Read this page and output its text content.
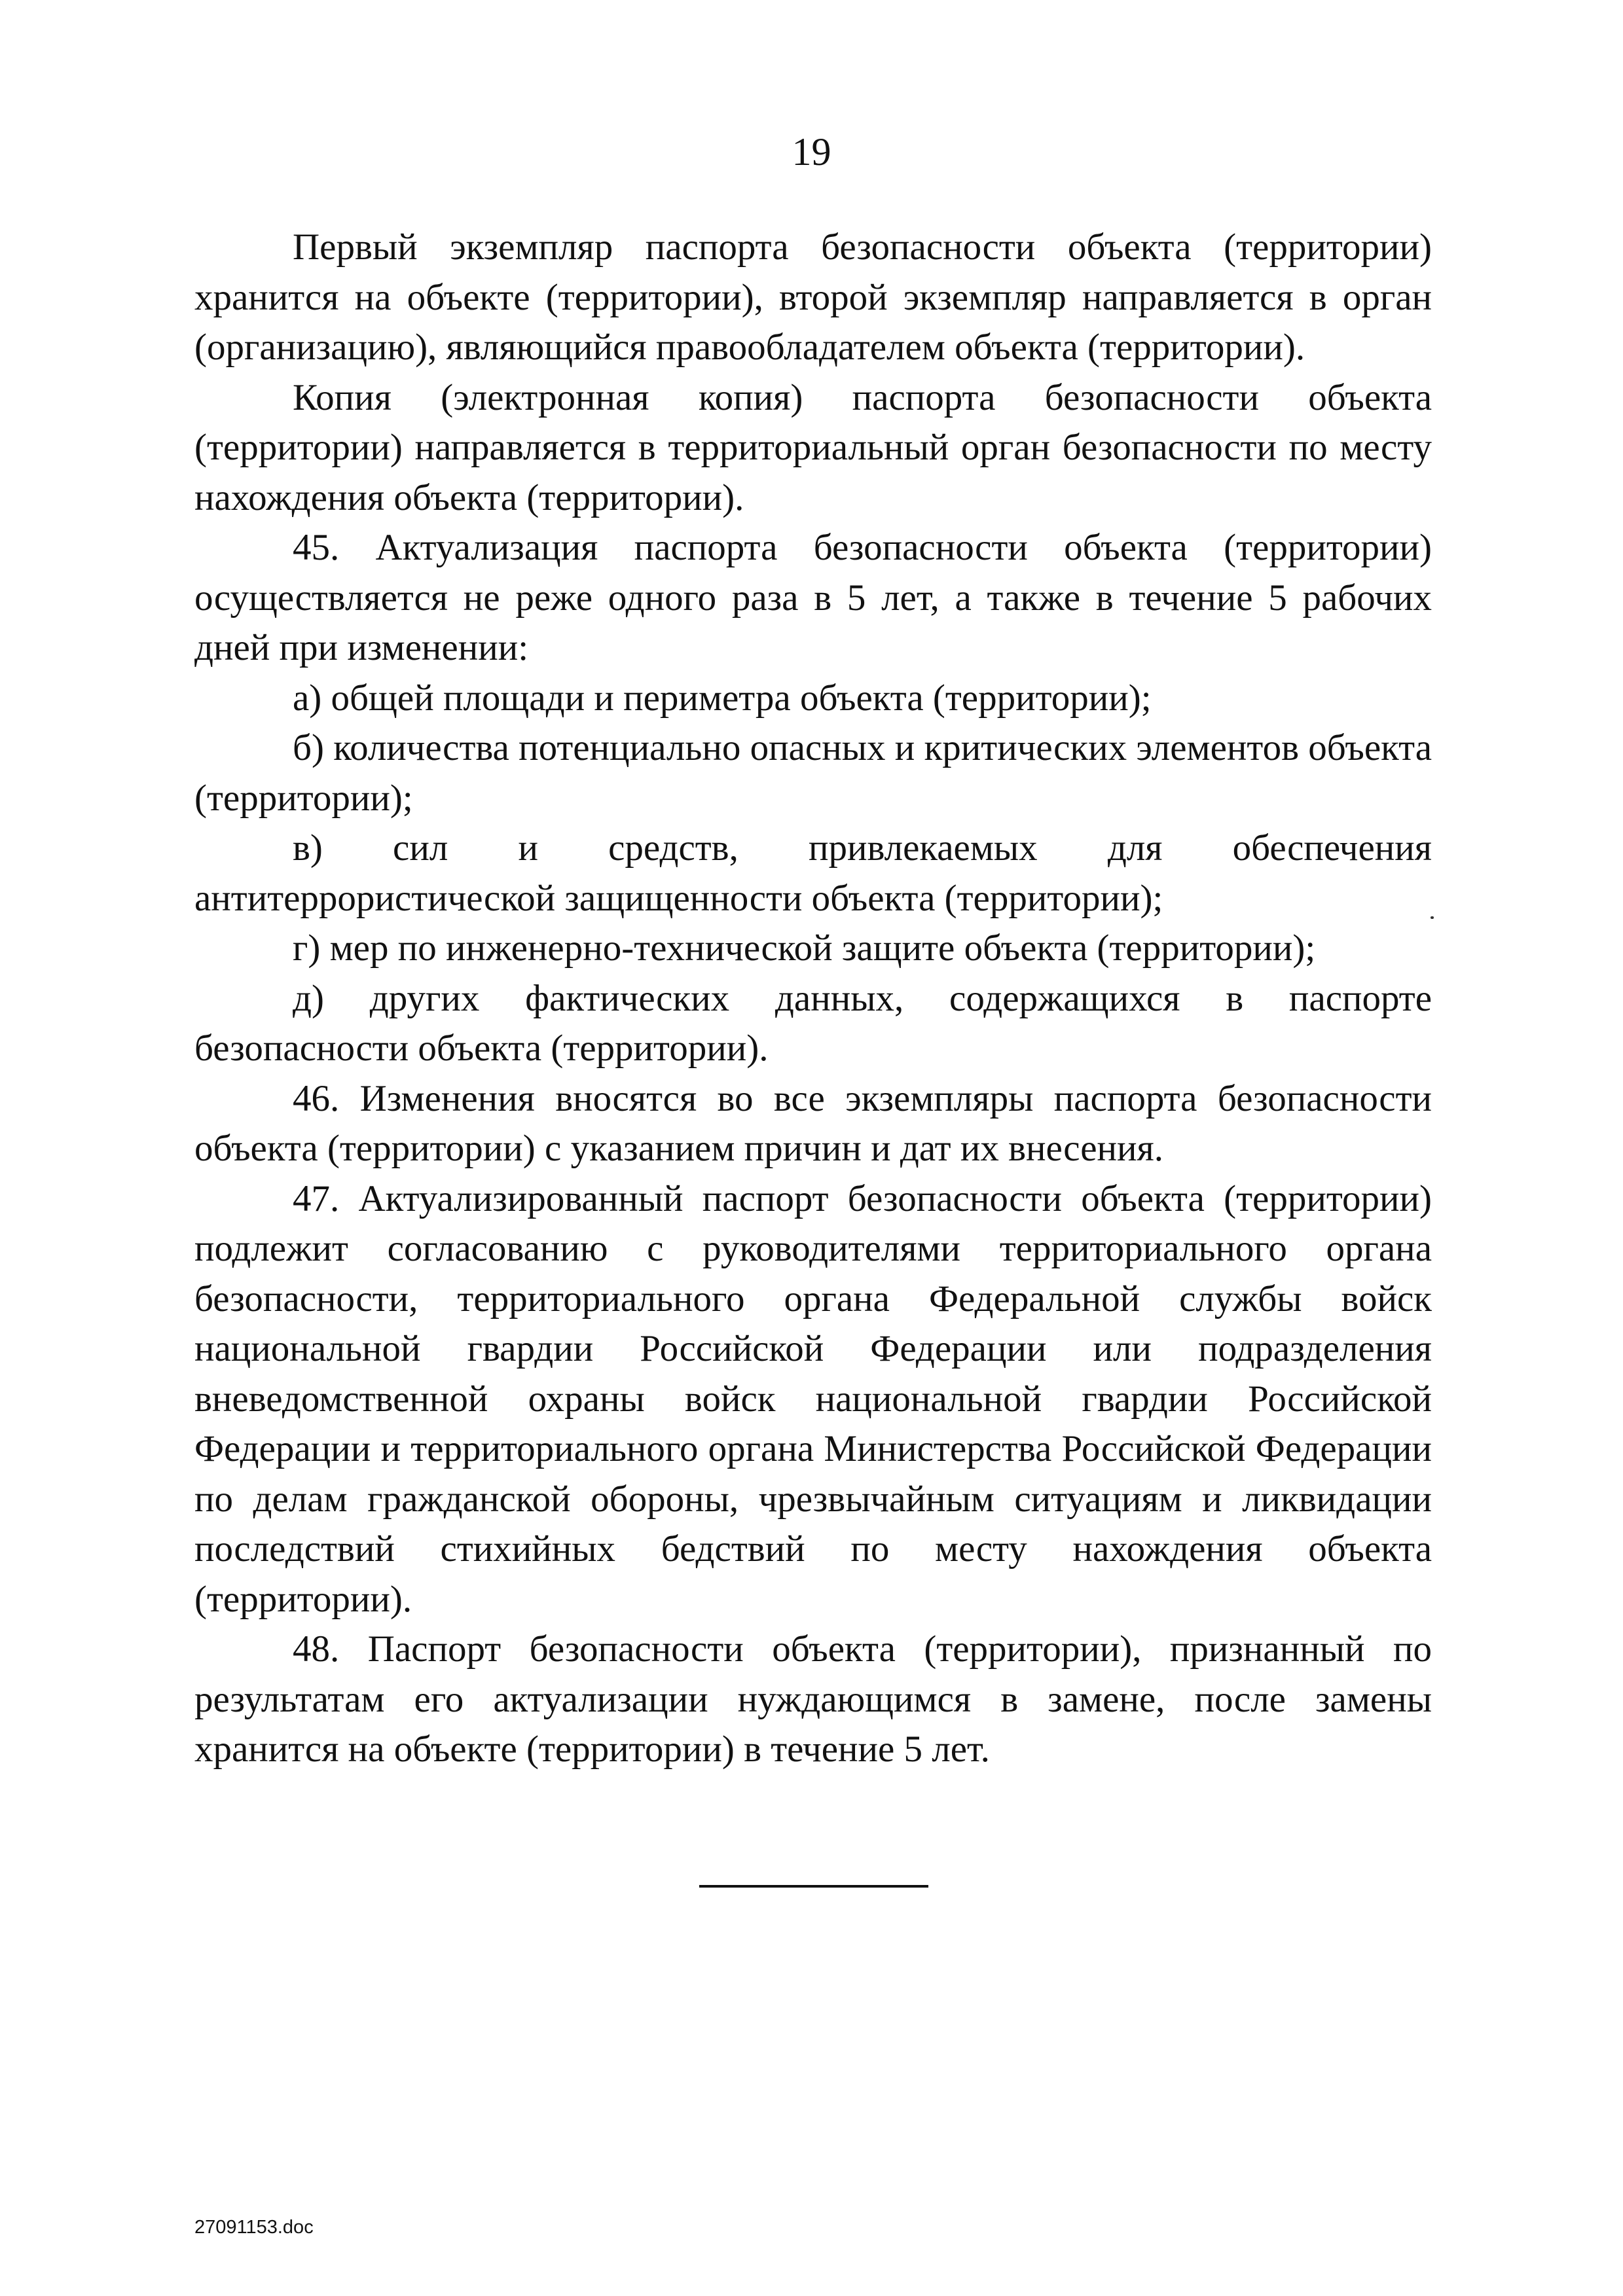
19

Первый экземпляр паспорта безопасности объекта (территории) хранится на объекте (территории), второй экземпляр направляется в орган (организацию), являющийся правообладателем объекта (территории).

Копия (электронная копия) паспорта безопасности объекта (территории) направляется в территориальный орган безопасности по месту нахождения объекта (территории).

45. Актуализация паспорта безопасности объекта (территории) осуществляется не реже одного раза в 5 лет, а также в течение 5 рабочих дней при изменении:

а) общей площади и периметра объекта (территории);

б) количества потенциально опасных и критических элементов объекта (территории);

в) сил и средств, привлекаемых для обеспечения антитеррористической защищенности объекта (территории);

г) мер по инженерно-технической защите объекта (территории);

д) других фактических данных, содержащихся в паспорте безопасности объекта (территории).

46. Изменения вносятся во все экземпляры паспорта безопасности объекта (территории) с указанием причин и дат их внесения.

47. Актуализированный паспорт безопасности объекта (территории) подлежит согласованию с руководителями территориального органа безопасности, территориального органа Федеральной службы войск национальной гвардии Российской Федерации или подразделения вневедомственной охраны войск национальной гвардии Российской Федерации и территориального органа Министерства Российской Федерации по делам гражданской обороны, чрезвычайным ситуациям и ликвидации последствий стихийных бедствий по месту нахождения объекта (территории).

48. Паспорт безопасности объекта (территории), признанный по результатам его актуализации нуждающимся в замене, после замены хранится на объекте (территории) в течение 5 лет.

27091153.doc
